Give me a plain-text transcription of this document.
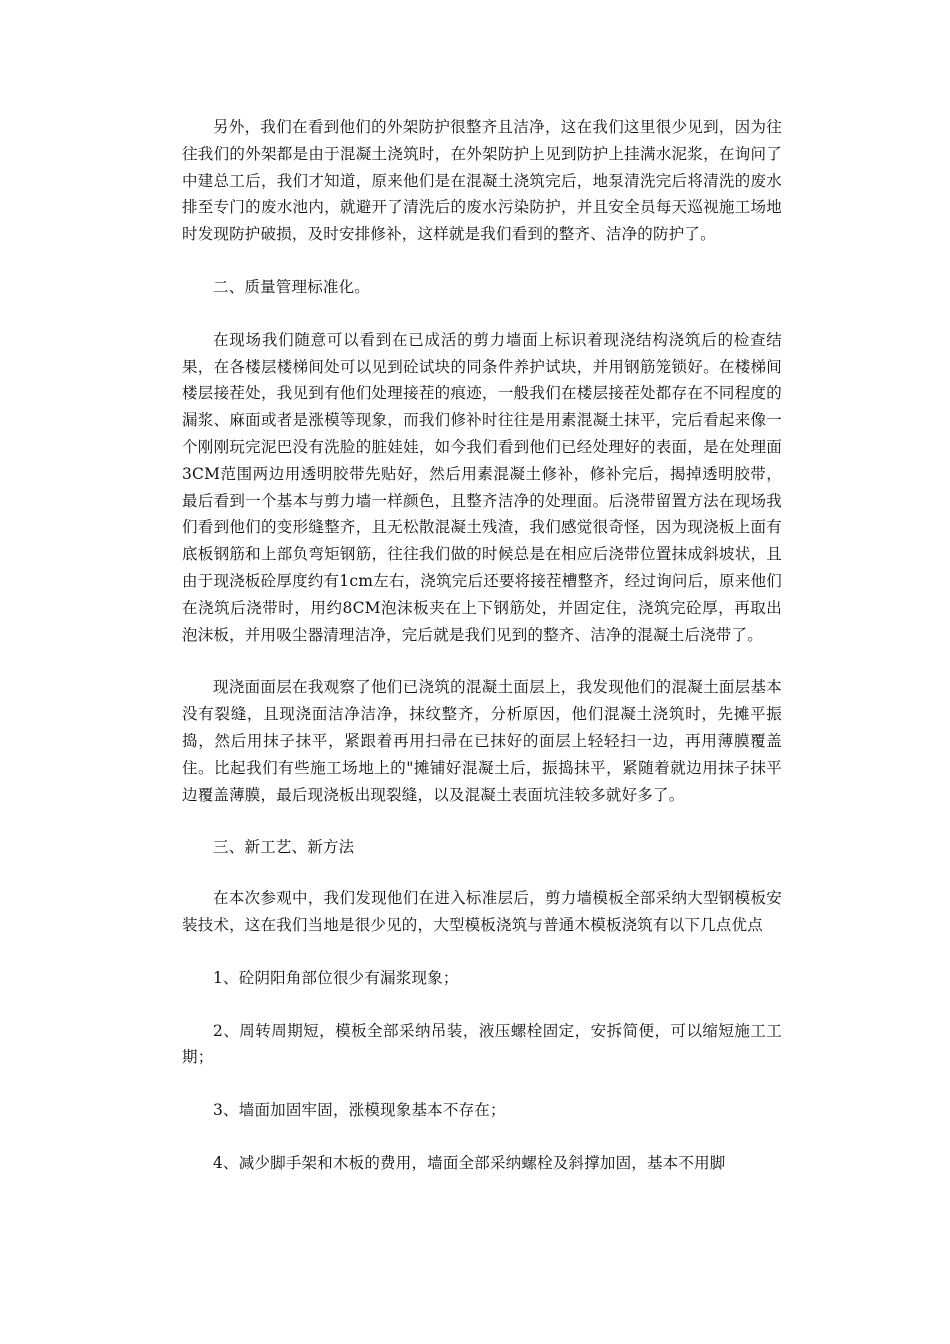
另外，我们在看到他们的外架防护很整齐且洁净，这在我们这里很少见到，因为往往我们的外架都是由于混凝土浇筑时，在外架防护上见到防护上挂满水泥浆，在询问了中建总工后，我们才知道，原来他们是在混凝土浇筑完后，地泵清洗完后将清洗的废水排至专门的废水池内，就避开了清洗后的废水污染防护，并且安全员每天巡视施工场地时发现防护破损，及时安排修补，这样就是我们看到的整齐、洁净的防护了。

二、质量管理标准化。

在现场我们随意可以看到在已成活的剪力墙面上标识着现浇结构浇筑后的检查结果，在各楼层楼梯间处可以见到砼试块的同条件养护试块，并用钢筋笼锁好。在楼梯间楼层接茬处，我见到有他们处理接茬的痕迹，一般我们在楼层接茬处都存在不同程度的漏浆、麻面或者是涨模等现象，而我们修补时往往是用素混凝土抹平，完后看起来像一个刚刚玩完泥巴没有洗脸的脏娃娃，如今我们看到他们已经处理好的表面，是在处理面3CM范围两边用透明胶带先贴好，然后用素混凝土修补，修补完后，揭掉透明胶带，最后看到一个基本与剪力墙一样颜色，且整齐洁净的处理面。后浇带留置方法在现场我们看到他们的变形缝整齐，且无松散混凝土残渣，我们感觉很奇怪，因为现浇板上面有底板钢筋和上部负弯矩钢筋，往往我们做的时候总是在相应后浇带位置抹成斜坡状，且由于现浇板砼厚度约有1cm左右，浇筑完后还要将接茬槽整齐，经过询问后，原来他们在浇筑后浇带时，用约8CM泡沫板夹在上下钢筋处，并固定住，浇筑完砼厚，再取出泡沫板，并用吸尘器清理洁净，完后就是我们见到的整齐、洁净的混凝土后浇带了。

现浇面面层在我观察了他们已浇筑的混凝土面层上，我发现他们的混凝土面层基本没有裂缝，且现浇面洁净洁净，抹纹整齐，分析原因，他们混凝土浇筑时，先摊平振捣，然后用抹子抹平，紧跟着再用扫帚在已抹好的面层上轻轻扫一边，再用薄膜覆盖住。比起我们有些施工场地上的"摊铺好混凝土后，振捣抹平，紧随着就边用抹子抹平边覆盖薄膜，最后现浇板出现裂缝，以及混凝土表面坑洼较多就好多了。

三、新工艺、新方法

在本次参观中，我们发现他们在进入标准层后，剪力墙模板全部采纳大型钢模板安装技术，这在我们当地是很少见的，大型模板浇筑与普通木模板浇筑有以下几点优点

1、砼阴阳角部位很少有漏浆现象；

2、周转周期短，模板全部采纳吊装，液压螺栓固定，安拆简便，可以缩短施工工期；

3、墙面加固牢固，涨模现象基本不存在；

4、减少脚手架和木板的费用，墙面全部采纳螺栓及斜撑加固，基本不用脚
